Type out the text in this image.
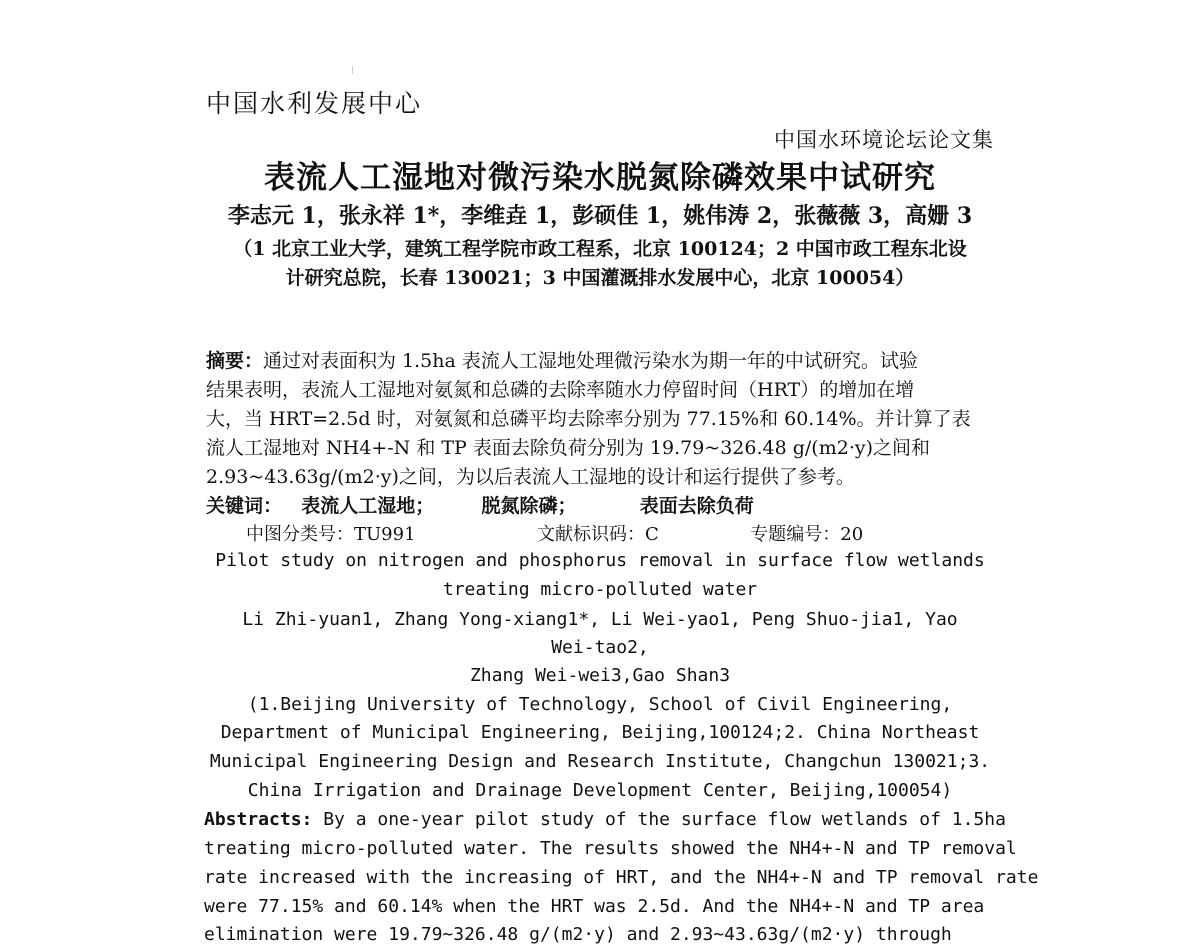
中国水利发展中心
中国水环境论坛论文集
表流人工湿地对微污染水脱氮除磷效果中试研究
李志元 1，张永祥 1*，李维垚 1，彭硕佳 1，姚伟涛 2，张薇薇 3，高姗 3
（1 北京工业大学，建筑工程学院市政工程系，北京 100124；2 中国市政工程东北设
计研究总院，长春 130021；3 中国灌溉排水发展中心，北京 100054）
摘要：通过对表面积为 1.5ha 表流人工湿地处理微污染水为期一年的中试研究。试验
结果表明，表流人工湿地对氨氮和总磷的去除率随水力停留时间（HRT）的增加在增
大，当 HRT=2.5d 时，对氨氮和总磷平均去除率分别为 77.15%和 60.14%。并计算了表
流人工湿地对 NH4+-N 和 TP 表面去除负荷分别为 19.79~326.48 g/(m2·y)之间和
2.93~43.63g/(m2·y)之间，为以后表流人工湿地的设计和运行提供了参考。
关键词： 表流人工湿地； 脱氮除磷；	表面去除负荷
中图分类号：TU991	文献标识码：C	专题编号：20
Pilot study on nitrogen and phosphorus removal in surface flow wetlands
treating micro-polluted water
Li Zhi-yuan1, Zhang Yong-xiang1*, Li Wei-yao1, Peng Shuo-jia1, Yao
Wei-tao2,
Zhang Wei-wei3,Gao Shan3
(1.Beijing University of Technology, School of Civil Engineering,
Department of Municipal Engineering, Beijing,100124;2. China Northeast
Municipal Engineering Design and Research Institute, Changchun 130021;3.
China Irrigation and Drainage Development Center, Beijing,100054)
Abstracts: By a one-year pilot study of the surface flow wetlands of 1.5ha
treating micro-polluted water. The results showed the NH4+-N and TP removal
rate increased with the increasing of HRT, and the NH4+-N and TP removal rate
were 77.15% and 60.14% when the HRT was 2.5d. And the NH4+-N and TP area
elimination were 19.79~326.48 g/(m2·y) and 2.93~43.63g/(m2·y) through
